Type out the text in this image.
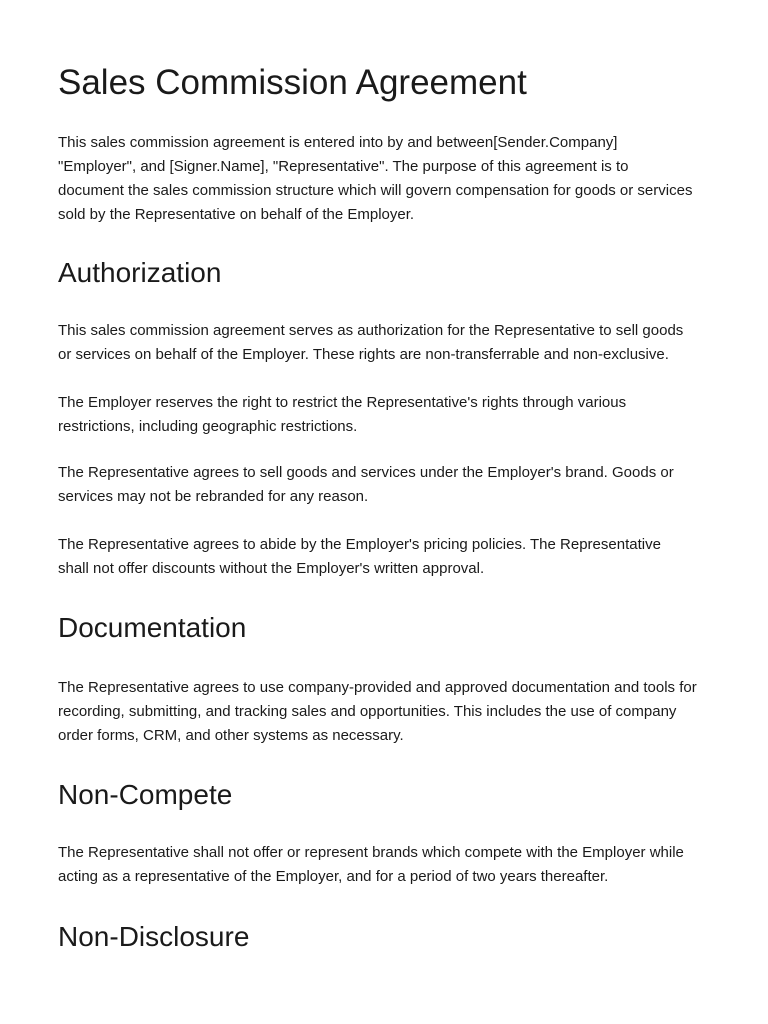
Sales Commission Agreement

This sales commission agreement is entered into by and between[Sender.Company]
"Employer", and [Signer.Name], "Representative". The purpose of this agreement is to
document the sales commission structure which will govern compensation for goods or services
sold by the Representative on behalf of the Employer.

Authorization

This sales commission agreement serves as authorization for the Representative to sell goods
or services on behalf of the Employer. These rights are non-transferrable and non-exclusive.

The Employer reserves the right to restrict the Representative's rights through various
restrictions, including geographic restrictions.

The Representative agrees to sell goods and services under the Employer's brand. Goods or
services may not be rebranded for any reason.

The Representative agrees to abide by the Employer's pricing policies. The Representative
shall not offer discounts without the Employer's written approval.

Documentation

The Representative agrees to use company-provided and approved documentation and tools for
recording, submitting, and tracking sales and opportunities. This includes the use of company
order forms, CRM, and other systems as necessary.

Non-Compete

The Representative shall not offer or represent brands which compete with the Employer while
acting as a representative of the Employer, and for a period of two years thereafter.

Non-Disclosure
